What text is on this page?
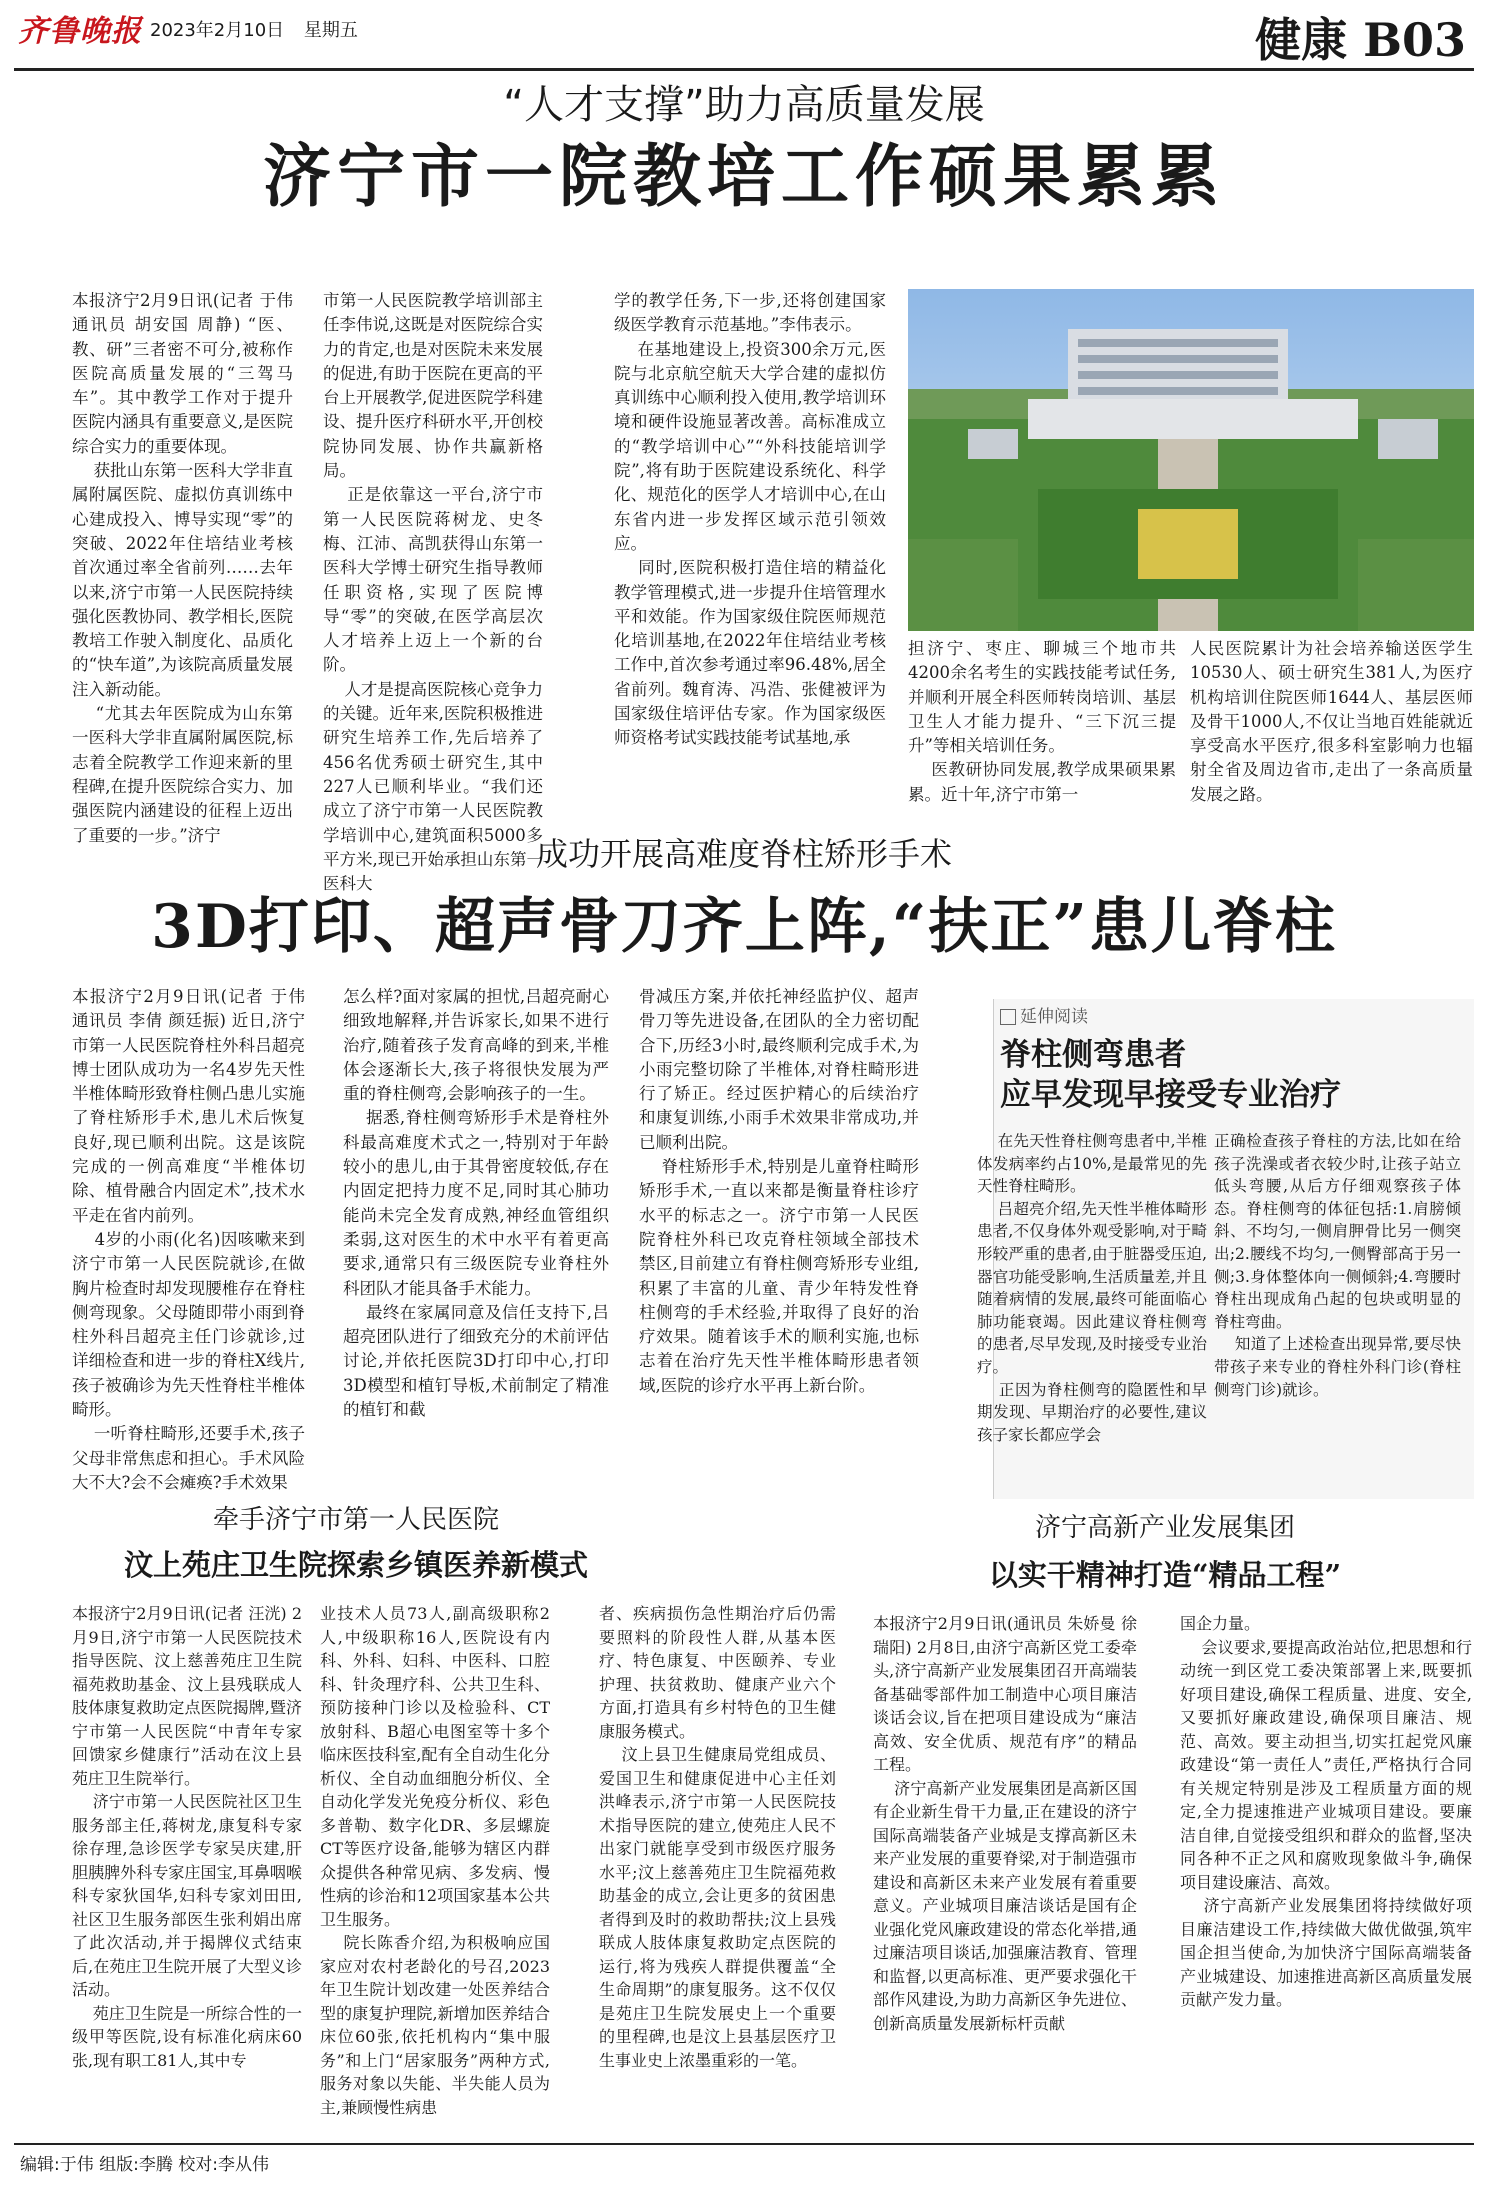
齐鲁晚报 2023年2月10日 星期五	健康 B03
“人才支撑”助力高质量发展
济宁市一院教培工作硕果累累
本报济宁2月9日讯(记者 于伟 通讯员 胡安国 周静) “医、教、研”三者密不可分,被称作医院高质量发展的“三驾马车”。其中教学工作对于提升医院内涵具有重要意义,是医院综合实力的重要体现。
获批山东第一医科大学非直属附属医院、虚拟仿真训练中心建成投入、博导实现“零”的突破、2022年住培结业考核首次通过率全省前列……去年以来,济宁市第一人民医院持续强化医教协同、教学相长,医院教培工作驶入制度化、品质化的“快车道”,为该院高质量发展注入新动能。
“尤其去年医院成为山东第一医科大学非直属附属医院,标志着全院教学工作迎来新的里程碑,在提升医院综合实力、加强医院内涵建设的征程上迈出了重要的一步。”济宁
市第一人民医院教学培训部主任李伟说,这既是对医院综合实力的肯定,也是对医院未来发展的促进,有助于医院在更高的平台上开展教学,促进医院学科建设、提升医疗科研水平,开创校院协同发展、协作共赢新格局。
正是依靠这一平台,济宁市第一人民医院蒋树龙、史冬梅、江沛、高凯获得山东第一医科大学博士研究生指导教师任职资格,实现了医院博导“零”的突破,在医学高层次人才培养上迈上一个新的台阶。
人才是提高医院核心竞争力的关键。近年来,医院积极推进研究生培养工作,先后培养了456名优秀硕士研究生,其中227人已顺利毕业。“我们还成立了济宁市第一人民医院教学培训中心,建筑面积5000多平方米,现已开始承担山东第一医科大
学的教学任务,下一步,还将创建国家级医学教育示范基地。”李伟表示。
在基地建设上,投资300余万元,医院与北京航空航天大学合建的虚拟仿真训练中心顺利投入使用,教学培训环境和硬件设施显著改善。高标准成立的“教学培训中心”“外科技能培训学院”,将有助于医院建设系统化、科学化、规范化的医学人才培训中心,在山东省内进一步发挥区域示范引领效应。
同时,医院积极打造住培的精益化教学管理模式,进一步提升住培管理水平和效能。作为国家级住院医师规范化培训基地,在2022年住培结业考核工作中,首次参考通过率96.48%,居全省前列。魏育涛、冯浩、张健被评为国家级住培评估专家。作为国家级医师资格考试实践技能考试基地,承
担济宁、枣庄、聊城三个地市共4200余名考生的实践技能考试任务,并顺利开展全科医师转岗培训、基层卫生人才能力提升、“三下沉三提升”等相关培训任务。
医教研协同发展,教学成果硕果累累。近十年,济宁市第一
人民医院累计为社会培养输送医学生10530人、硕士研究生381人,为医疗机构培训住院医师1644人、基层医师及骨干1000人,不仅让当地百姓能就近享受高水平医疗,很多科室影响力也辐射全省及周边省市,走出了一条高质量发展之路。
成功开展高难度脊柱矫形手术
3D打印、超声骨刀齐上阵,“扶正”患儿脊柱
本报济宁2月9日讯(记者 于伟 通讯员 李倩 颜廷振) 近日,济宁市第一人民医院脊柱外科吕超亮博士团队成功为一名4岁先天性半椎体畸形致脊柱侧凸患儿实施了脊柱矫形手术,患儿术后恢复良好,现已顺利出院。这是该院完成的一例高难度“半椎体切除、植骨融合内固定术”,技术水平走在省内前列。
4岁的小雨(化名)因咳嗽来到济宁市第一人民医院就诊,在做胸片检查时却发现腰椎存在脊柱侧弯现象。父母随即带小雨到脊柱外科吕超亮主任门诊就诊,过详细检查和进一步的脊柱X线片,孩子被确诊为先天性脊柱半椎体畸形。
一听脊柱畸形,还要手术,孩子父母非常焦虑和担心。手术风险大不大?会不会瘫痪?手术效果
怎么样?面对家属的担忧,吕超亮耐心细致地解释,并告诉家长,如果不进行治疗,随着孩子发育高峰的到来,半椎体会逐渐长大,孩子将很快发展为严重的脊柱侧弯,会影响孩子的一生。
据悉,脊柱侧弯矫形手术是脊柱外科最高难度术式之一,特别对于年龄较小的患儿,由于其骨密度较低,存在内固定把持力度不足,同时其心肺功能尚未完全发育成熟,神经血管组织柔弱,这对医生的术中水平有着更高要求,通常只有三级医院专业脊柱外科团队才能具备手术能力。
最终在家属同意及信任支持下,吕超亮团队进行了细致充分的术前评估讨论,并依托医院3D打印中心,打印3D模型和植钉导板,术前制定了精准的植钉和截
骨减压方案,并依托神经监护仪、超声骨刀等先进设备,在团队的全力密切配合下,历经3小时,最终顺利完成手术,为小雨完整切除了半椎体,对脊柱畸形进行了矫正。经过医护精心的后续治疗和康复训练,小雨手术效果非常成功,并已顺利出院。
脊柱矫形手术,特别是儿童脊柱畸形矫形手术,一直以来都是衡量脊柱诊疗水平的标志之一。济宁市第一人民医院脊柱外科已攻克脊柱领域全部技术禁区,目前建立有脊柱侧弯矫形专业组,积累了丰富的儿童、青少年特发性脊柱侧弯的手术经验,并取得了良好的治疗效果。随着该手术的顺利实施,也标志着在治疗先天性半椎体畸形患者领域,医院的诊疗水平再上新台阶。
延伸阅读
脊柱侧弯患者
应早发现早接受专业治疗
在先天性脊柱侧弯患者中,半椎体发病率约占10%,是最常见的先天性脊柱畸形。
吕超亮介绍,先天性半椎体畸形患者,不仅身体外观受影响,对于畸形较严重的患者,由于脏器受压迫,器官功能受影响,生活质量差,并且随着病情的发展,最终可能面临心肺功能衰竭。因此建议脊柱侧弯的患者,尽早发现,及时接受专业治疗。
正因为脊柱侧弯的隐匿性和早期发现、早期治疗的必要性,建议孩子家长都应学会
正确检查孩子脊柱的方法,比如在给孩子洗澡或者衣较少时,让孩子站立低头弯腰,从后方仔细观察孩子体态。脊柱侧弯的体征包括:1.肩膀倾斜、不均匀,一侧肩胛骨比另一侧突出;2.腰线不均匀,一侧臀部高于另一侧;3.身体整体向一侧倾斜;4.弯腰时脊柱出现成角凸起的包块或明显的脊柱弯曲。
知道了上述检查出现异常,要尽快带孩子来专业的脊柱外科门诊(脊柱侧弯门诊)就诊。
牵手济宁市第一人民医院
汶上苑庄卫生院探索乡镇医养新模式
本报济宁2月9日讯(记者 汪洸) 2月9日,济宁市第一人民医院技术指导医院、汶上慈善苑庄卫生院福苑救助基金、汶上县残联成人肢体康复救助定点医院揭牌,暨济宁市第一人民医院“中青年专家回馈家乡健康行”活动在汶上县苑庄卫生院举行。
济宁市第一人民医院社区卫生服务部主任,蒋树龙,康复科专家徐存理,急诊医学专家吴庆建,肝胆胰脾外科专家庄国宝,耳鼻咽喉科专家狄国华,妇科专家刘田田,社区卫生服务部医生张利娟出席了此次活动,并于揭牌仪式结束后,在苑庄卫生院开展了大型义诊活动。
苑庄卫生院是一所综合性的一级甲等医院,设有标准化病床60张,现有职工81人,其中专
业技术人员73人,副高级职称2人,中级职称16人,医院设有内科、外科、妇科、中医科、口腔科、针灸理疗科、公共卫生科、预防接种门诊以及检验科、CT放射科、B超心电图室等十多个临床医技科室,配有全自动生化分析仪、全自动血细胞分析仪、全自动化学发光免疫分析仪、彩色多普勒、数字化DR、多层螺旋CT等医疗设备,能够为辖区内群众提供各种常见病、多发病、慢性病的诊治和12项国家基本公共卫生服务。
院长陈香介绍,为积极响应国家应对农村老龄化的号召,2023年卫生院计划改建一处医养结合型的康复护理院,新增加医养结合床位60张,依托机构内“集中服务”和上门“居家服务”两种方式,服务对象以失能、半失能人员为主,兼顾慢性病患
者、疾病损伤急性期治疗后仍需要照料的阶段性人群,从基本医疗、特色康复、中医颐养、专业护理、扶贫救助、健康产业六个方面,打造具有乡村特色的卫生健康服务模式。
汶上县卫生健康局党组成员、爱国卫生和健康促进中心主任刘洪峰表示,济宁市第一人民医院技术指导医院的建立,使苑庄人民不出家门就能享受到市级医疗服务水平;汶上慈善苑庄卫生院福苑救助基金的成立,会让更多的贫困患者得到及时的救助帮扶;汶上县残联成人肢体康复救助定点医院的运行,将为残疾人群提供覆盖“全生命周期”的康复服务。这不仅仅是苑庄卫生院发展史上一个重要的里程碑,也是汶上县基层医疗卫生事业史上浓墨重彩的一笔。
济宁高新产业发展集团
以实干精神打造“精品工程”
本报济宁2月9日讯(通讯员 朱娇曼 徐瑞阳) 2月8日,由济宁高新区党工委牵头,济宁高新产业发展集团召开高端装备基础零部件加工制造中心项目廉洁谈话会议,旨在把项目建设成为“廉洁高效、安全优质、规范有序”的精品工程。
济宁高新产业发展集团是高新区国有企业新生骨干力量,正在建设的济宁国际高端装备产业城是支撑高新区未来产业发展的重要脊梁,对于制造强市建设和高新区未来产业发展有着重要意义。产业城项目廉洁谈话是国有企业强化党风廉政建设的常态化举措,通过廉洁项目谈话,加强廉洁教育、管理和监督,以更高标准、更严要求强化干部作风建设,为助力高新区争先进位、创新高质量发展新标杆贡献
国企力量。
会议要求,要提高政治站位,把思想和行动统一到区党工委决策部署上来,既要抓好项目建设,确保工程质量、进度、安全,又要抓好廉政建设,确保项目廉洁、规范、高效。要主动担当,切实扛起党风廉政建设“第一责任人”责任,严格执行合同有关规定特别是涉及工程质量方面的规定,全力提速推进产业城项目建设。要廉洁自律,自觉接受组织和群众的监督,坚决同各种不正之风和腐败现象做斗争,确保项目建设廉洁、高效。
济宁高新产业发展集团将持续做好项目廉洁建设工作,持续做大做优做强,筑牢国企担当使命,为加快济宁国际高端装备产业城建设、加速推进高新区高质量发展贡献产发力量。
编辑:于伟 组版:李腾 校对:李从伟
